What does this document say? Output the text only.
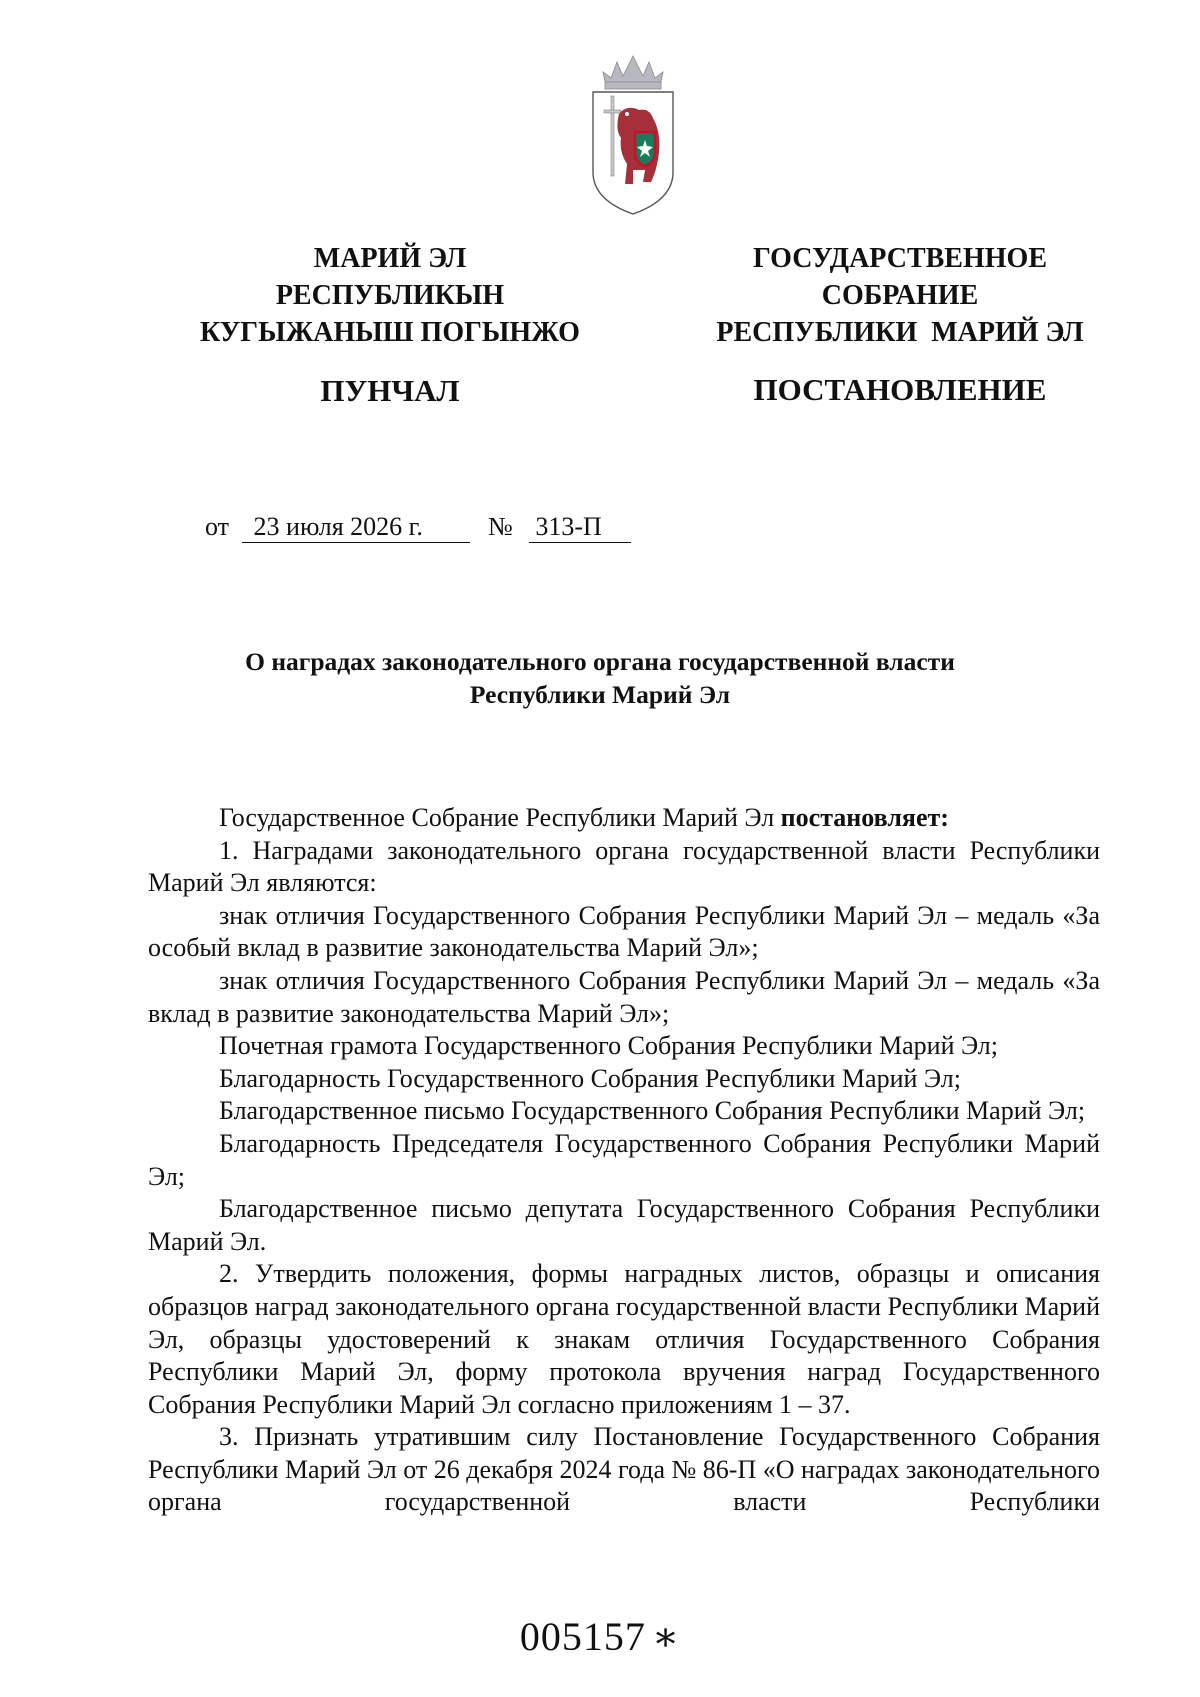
МАРИЙ ЭЛ
РЕСПУБЛИКЫН
КУГЫЖАНЫШ ПОГЫНЖО
ПУНЧАЛ
ГОСУДАРСТВЕННОЕ
СОБРАНИЕ
РЕСПУБЛИКИ  МАРИЙ ЭЛ
ПОСТАНОВЛЕНИЕ
от 23 июля 2026 г.	№ 313-П
О наградах законодательного органа государственной власти
Республики Марий Эл

Государственное Собрание Республики Марий Эл постановляет:

1. Наградами законодательного органа государственной власти Республики Марий Эл являются:

знак отличия Государственного Собрания Республики Марий Эл – медаль «За особый вклад в развитие законодательства Марий Эл»;

знак отличия Государственного Собрания Республики Марий Эл – медаль «За вклад в развитие законодательства Марий Эл»;

Почетная грамота Государственного Собрания Республики Марий Эл;

Благодарность Государственного Собрания Республики Марий Эл;

Благодарственное письмо Государственного Собрания Республики Марий Эл;

Благодарность Председателя Государственного Собрания Республики Марий Эл;

Благодарственное письмо депутата Государственного Собрания Республики Марий Эл.

2. Утвердить положения, формы наградных листов, образцы и описания образцов наград законодательного органа государственной власти Республики Марий Эл, образцы удостоверений к знакам отличия Государственного Собрания Республики Марий Эл, форму протокола вручения наград Государственного Собрания Республики Марий Эл согласно приложениям 1 – 37.

3. Признать утратившим силу Постановление Государственного Собрания Республики Марий Эл от 26 декабря 2024 года № 86-П «О наградах законодательного органа государственной власти Республики

005157 ∗
